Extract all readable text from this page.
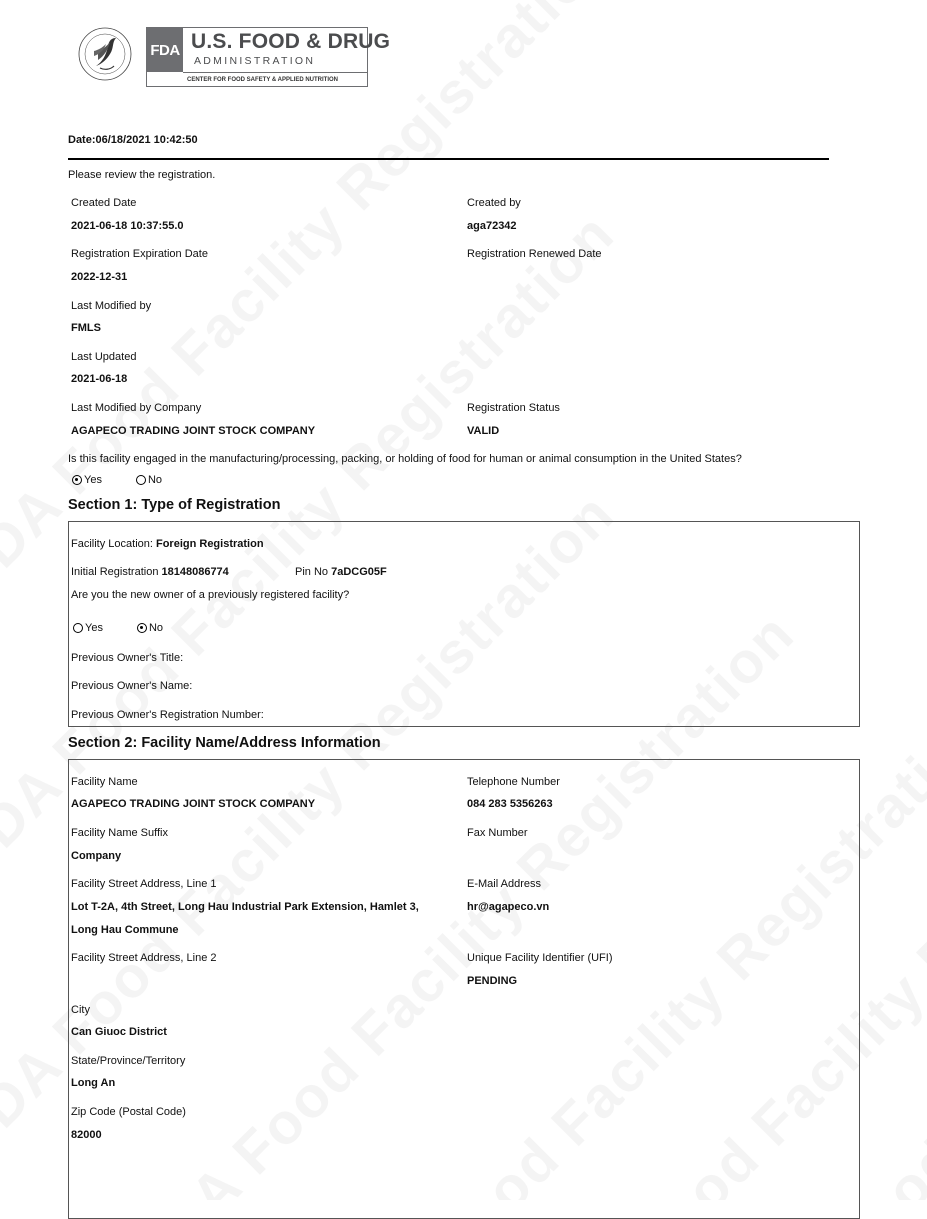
FDA U.S. FOOD & DRUG
ADMINISTRATION
CENTER FOR FOOD SAFETY & APPLIED NUTRITION
Date:06/18/2021 10:42:50
Please review the registration.
Created Date
2021-06-18 10:37:55.0
Created by
aga72342
Registration Expiration Date
2022-12-31
Registration Renewed Date
Last Modified by
FMLS
Last Updated
2021-06-18
Last Modified by Company
AGAPECO TRADING JOINT STOCK COMPANY
Registration Status
VALID
Is this facility engaged in the manufacturing/processing, packing, or holding of food for human or animal consumption in the United States?
Yes	No
Section 1: Type of Registration
Facility Location: Foreign Registration
Initial Registration 18148086774	Pin No 7aDCG05F
Are you the new owner of a previously registered facility?
Yes	No
Previous Owner's Title:
Previous Owner's Name:
Previous Owner's Registration Number:
Section 2: Facility Name/Address Information
Facility Name
AGAPECO TRADING JOINT STOCK COMPANY
Telephone Number
084 283 5356263
Facility Name Suffix
Company
Fax Number
Facility Street Address, Line 1
Lot T-2A, 4th Street, Long Hau Industrial Park Extension, Hamlet 3,
Long Hau Commune
E-Mail Address
hr@agapeco.vn
Facility Street Address, Line 2	Unique Facility Identifier (UFI)
PENDING
City
Can Giuoc District
State/Province/Territory
Long An
Zip Code (Postal Code)
82000
